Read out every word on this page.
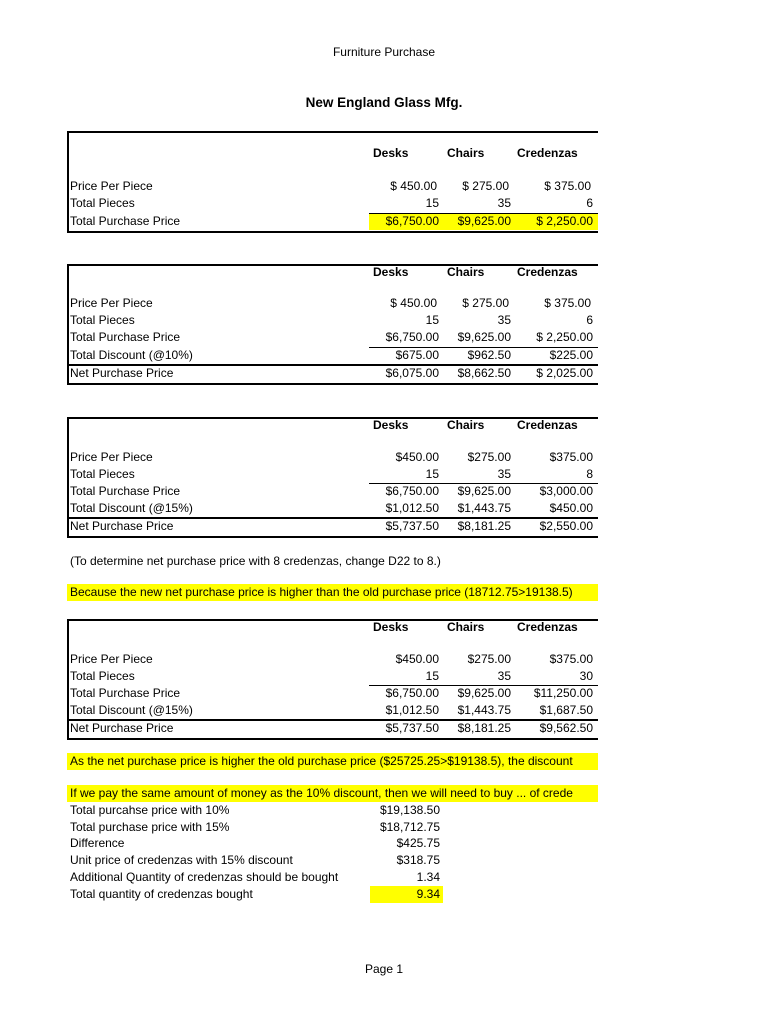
Furniture Purchase
New England Glass Mfg.
Desks	Chairs	Credenzas
Price Per Piece	$ 450.00	$ 275.00	$ 375.00
Total Pieces	15	35	6
Total Purchase Price	$6,750.00	$9,625.00	$ 2,250.00
Desks	Chairs	Credenzas
Price Per Piece	$ 450.00	$ 275.00	$ 375.00
Total Pieces	15	35	6
Total Purchase Price	$6,750.00	$9,625.00	$ 2,250.00
Total Discount (@10%)	$675.00	$962.50	$225.00
Net Purchase Price	$6,075.00	$8,662.50	$ 2,025.00
Desks	Chairs	Credenzas
Price Per Piece	$450.00	$275.00	$375.00
Total Pieces	15	35	8
Total Purchase Price	$6,750.00	$9,625.00	$3,000.00
Total Discount (@15%)	$1,012.50	$1,443.75	$450.00
Net Purchase Price	$5,737.50	$8,181.25	$2,550.00
(To determine net purchase price with 8 credenzas, change D22 to 8.)
Because the new net purchase price is higher than the old purchase price (18712.75>19138.5)
Desks	Chairs	Credenzas
Price Per Piece	$450.00	$275.00	$375.00
Total Pieces	15	35	30
Total Purchase Price	$6,750.00	$9,625.00	$11,250.00
Total Discount (@15%)	$1,012.50	$1,443.75	$1,687.50
Net Purchase Price	$5,737.50	$8,181.25	$9,562.50
As the net purchase price is higher the old purchase price ($25725.25>$19138.5), the discount
If we pay the same amount of money as the 10% discount, then we will need to buy ... of crede
Total purcahse price with 10%	$19,138.50
Total purchase price with 15%	$18,712.75
Difference	$425.75
Unit price of credenzas with 15% discount	$318.75
Additional Quantity of credenzas should be bought	1.34
Total quantity of credenzas bought	9.34
Page 1
